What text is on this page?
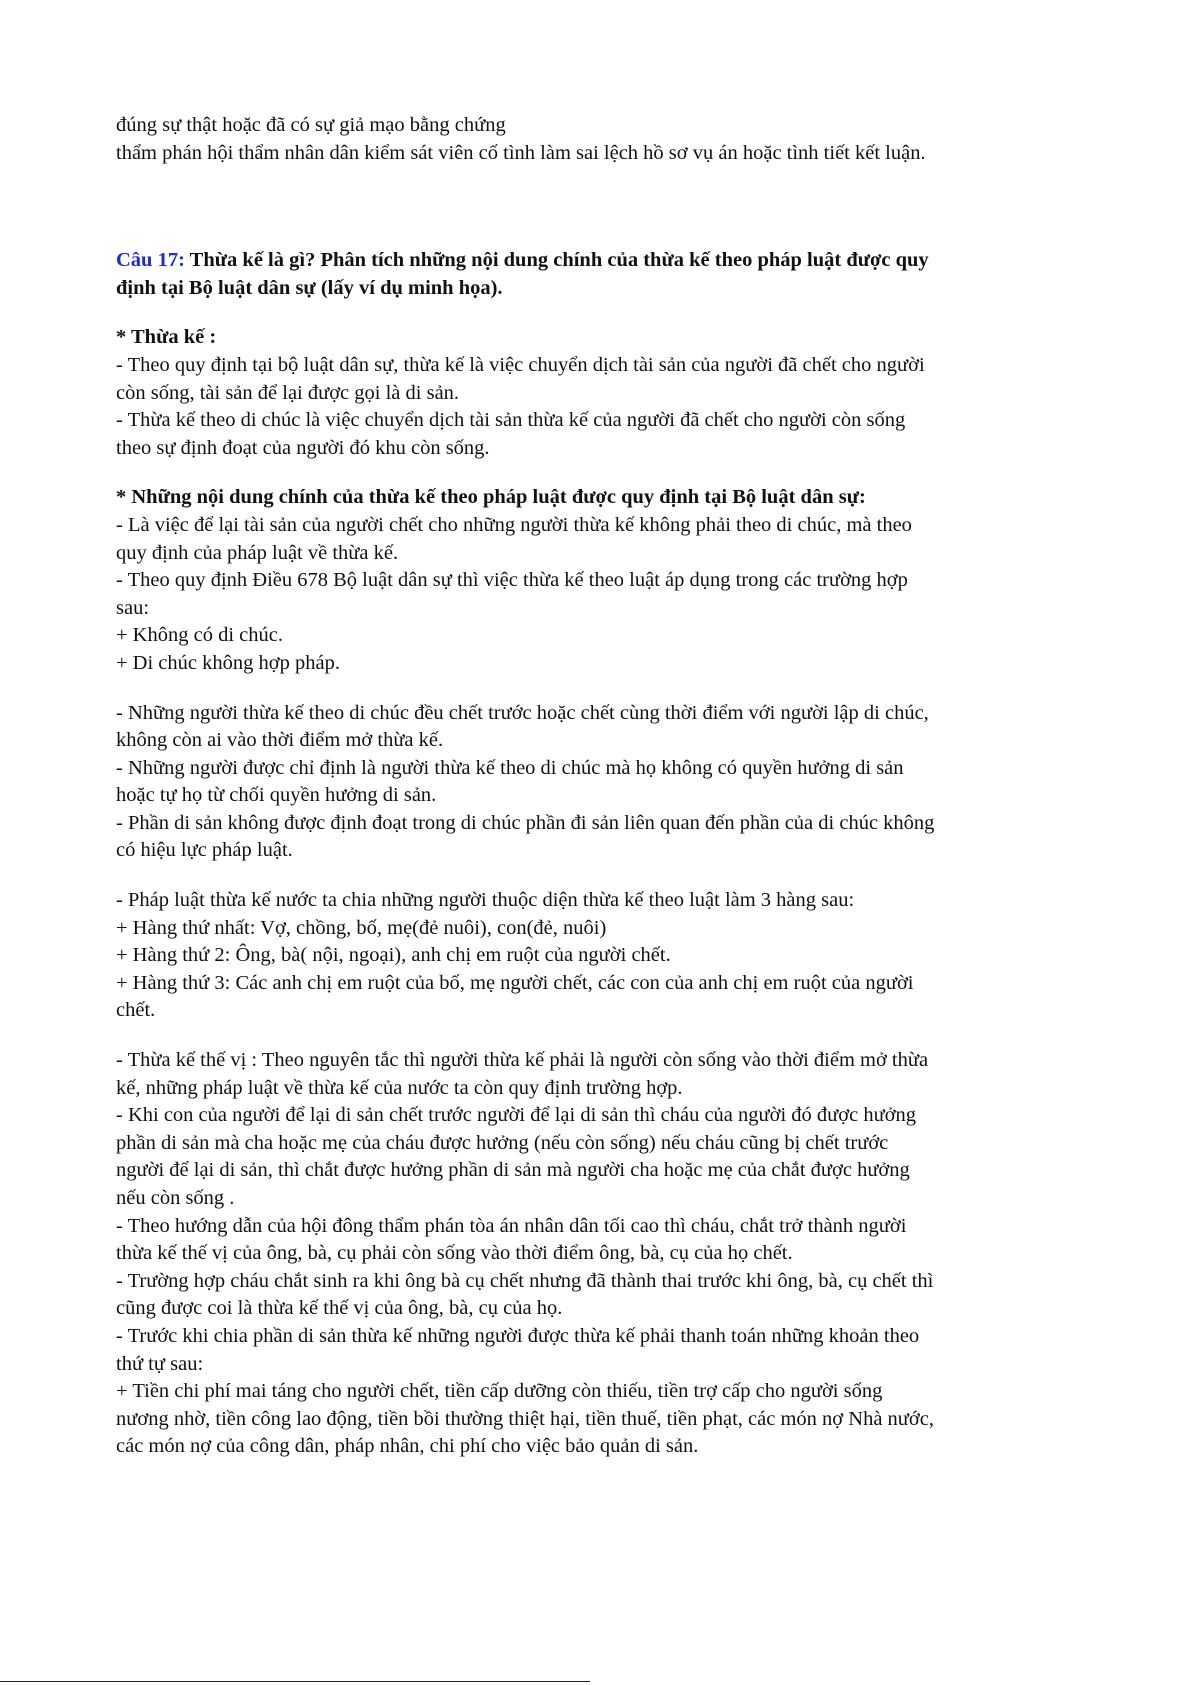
đúng sự thật hoặc đã có sự giả mạo bằng chứng
thẩm phán hội thẩm nhân dân kiểm sát viên cố tình làm sai lệch hồ sơ vụ án hoặc tình tiết kết luận.
Câu 17: Thừa kế là gì? Phân tích những nội dung chính của thừa kế theo pháp luật được quy
định tại Bộ luật dân sự (lấy ví dụ minh họa).
* Thừa kế :
- Theo quy định tại bộ luật dân sự, thừa kế là việc chuyển dịch tài sản của người đã chết cho người
còn sống, tài sản để lại được gọi là di sản.
- Thừa kế theo di chúc là việc chuyển dịch tài sản thừa kế của người đã chết cho người còn sống
theo sự định đoạt của người đó khu còn sống.
* Những nội dung chính của thừa kế theo pháp luật được quy định tại Bộ luật dân sự:
- Là việc để lại tài sản của người chết cho những người thừa kế không phải theo di chúc, mà theo
quy định của pháp luật về thừa kế.
- Theo quy định Điều 678 Bộ luật dân sự thì việc thừa kế theo luật áp dụng trong các trường hợp
sau:
+ Không có di chúc.
+ Di chúc không hợp pháp.
- Những người thừa kế theo di chúc đều chết trước hoặc chết cùng thời điểm với người lập di chúc,
không còn ai vào thời điểm mở thừa kế.
- Những người được chỉ định là người thừa kế theo di chúc mà họ không có quyền hưởng di sản
hoặc tự họ từ chối quyền hưởng di sản.
- Phần di sản không được định đoạt trong di chúc phần đi sản liên quan đến phần của di chúc không
có hiệu lực pháp luật.
- Pháp luật thừa kế nước ta chia những người thuộc diện thừa kế theo luật làm 3 hàng sau:
+ Hàng thứ nhất: Vợ, chồng, bố, mẹ(đẻ nuôi), con(đẻ, nuôi)
+ Hàng thứ 2: Ông, bà( nội, ngoại), anh chị em ruột của người chết.
+ Hàng thứ 3: Các anh chị em ruột của bố, mẹ người chết, các con của anh chị em ruột của người
chết.
- Thừa kế thế vị : Theo nguyên tắc thì người thừa kế phải là người còn sống vào thời điểm mở thừa
kế, những pháp luật về thừa kế của nước ta còn quy định trường hợp.
- Khi con của người để lại di sản chết trước người để lại di sản thì cháu của người đó được hưởng
phần di sản mà cha hoặc mẹ của cháu được hưởng (nếu còn sống) nếu cháu cũng bị chết trước
người để lại di sản, thì chắt được hưởng phần di sản mà người cha hoặc mẹ của chắt được hưởng
nếu còn sống .
- Theo hướng dẫn của hội đông thẩm phán tòa án nhân dân tối cao thì cháu, chắt trở thành người
thừa kế thế vị của ông, bà, cụ phải còn sống vào thời điểm ông, bà, cụ của họ chết.
- Trường hợp cháu chắt sinh ra khi ông bà cụ chết nhưng đã thành thai trước khi ông, bà, cụ chết thì
cũng được coi là thừa kế thế vị của ông, bà, cụ của họ.
- Trước khi chia phần di sản thừa kế những người được thừa kế phải thanh toán những khoản theo
thứ tự sau:
+ Tiền chi phí mai táng cho người chết, tiền cấp dưỡng còn thiếu, tiền trợ cấp cho người sống
nương nhờ, tiền công lao động, tiền bồi thường thiệt hại, tiền thuế, tiền phạt, các món nợ Nhà nước,
các món nợ của công dân, pháp nhân, chi phí cho việc bảo quản di sản.
